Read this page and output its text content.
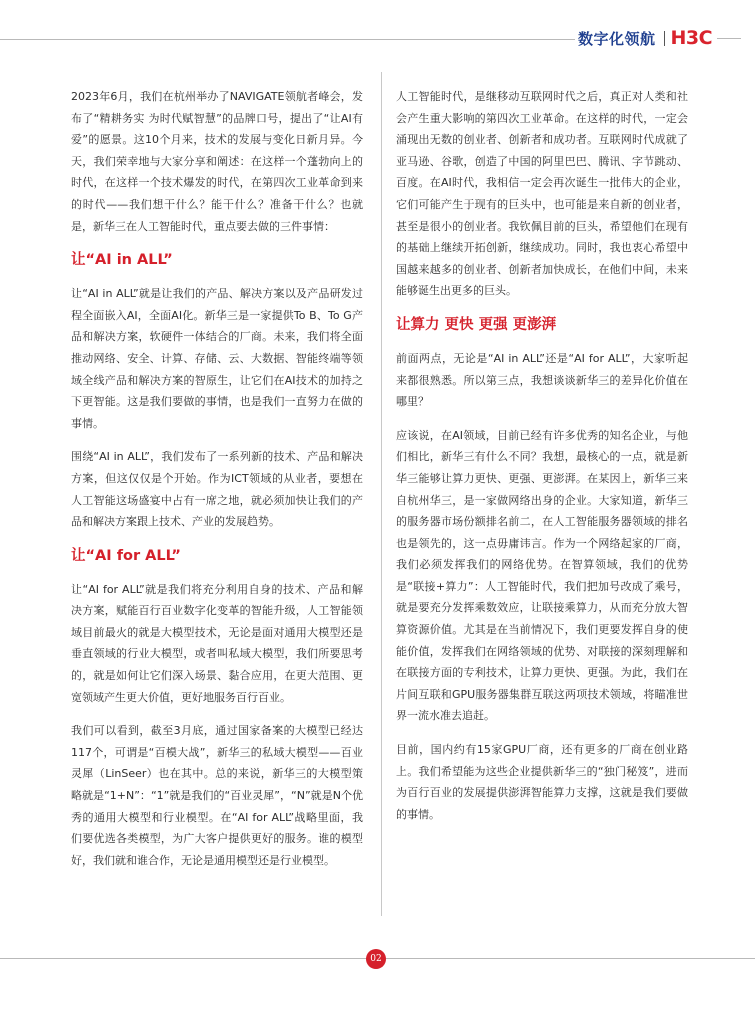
数字化领航 H3C

2023年6月，我们在杭州举办了NAVIGATE领航者峰会，发布了“精耕务实 为时代赋智慧”的品牌口号，提出了“让AI有爱”的愿景。这10个月来，技术的发展与变化日新月异。今天，我们荣幸地与大家分享和阐述：在这样一个蓬勃向上的时代，在这样一个技术爆发的时代，在第四次工业革命到来的时代——我们想干什么？能干什么？准备干什么？也就是，新华三在人工智能时代，重点要去做的三件事情：

让“AI in ALL”

让“AI in ALL”就是让我们的产品、解决方案以及产品研发过程全面嵌入AI，全面AI化。新华三是一家提供To B、To G产品和解决方案，软硬件一体结合的厂商。未来，我们将全面推动网络、安全、计算、存储、云、大数据、智能终端等领域全线产品和解决方案的智原生，让它们在AI技术的加持之下更智能。这是我们要做的事情，也是我们一直努力在做的事情。

围绕“AI in ALL”，我们发布了一系列新的技术、产品和解决方案，但这仅仅是个开始。作为ICT领域的从业者，要想在人工智能这场盛宴中占有一席之地，就必须加快让我们的产品和解决方案跟上技术、产业的发展趋势。

让“AI for ALL”

让“AI for ALL”就是我们将充分利用自身的技术、产品和解决方案，赋能百行百业数字化变革的智能升级，人工智能领域目前最火的就是大模型技术，无论是面对通用大模型还是垂直领域的行业大模型，或者叫私域大模型，我们所要思考的，就是如何让它们深入场景、黏合应用，在更大范围、更宽领域产生更大价值，更好地服务百行百业。

我们可以看到，截至3月底，通过国家备案的大模型已经达117个，可谓是“百模大战”，新华三的私域大模型——百业灵犀（LinSeer）也在其中。总的来说，新华三的大模型策略就是“1+N”：“1”就是我们的“百业灵犀”，“N”就是N个优秀的通用大模型和行业模型。在“AI for ALL”战略里面，我们要优选各类模型，为广大客户提供更好的服务。谁的模型好，我们就和谁合作，无论是通用模型还是行业模型。

人工智能时代，是继移动互联网时代之后，真正对人类和社会产生重大影响的第四次工业革命。在这样的时代，一定会涌现出无数的创业者、创新者和成功者。互联网时代成就了亚马逊、谷歌，创造了中国的阿里巴巴、腾讯、字节跳动、百度。在AI时代，我相信一定会再次诞生一批伟大的企业，它们可能产生于现有的巨头中，也可能是来自新的创业者，甚至是很小的创业者。我钦佩目前的巨头，希望他们在现有的基础上继续开拓创新，继续成功。同时，我也衷心希望中国越来越多的创业者、创新者加快成长，在他们中间，未来能够诞生出更多的巨头。

让算力 更快 更强 更澎湃

前面两点，无论是“AI in ALL”还是“AI for ALL”，大家听起来都很熟悉。所以第三点，我想谈谈新华三的差异化价值在哪里？

应该说，在AI领域，目前已经有许多优秀的知名企业，与他们相比，新华三有什么不同？我想，最核心的一点，就是新华三能够让算力更快、更强、更澎湃。在某因上，新华三来自杭州华三，是一家做网络出身的企业。大家知道，新华三的服务器市场份额排名前二，在人工智能服务器领域的排名也是领先的，这一点毋庸讳言。作为一个网络起家的厂商，我们必须发挥我们的网络优势。在智算领域，我们的优势是“联接+算力”：人工智能时代，我们把加号改成了乘号，就是要充分发挥乘数效应，让联接乘算力，从而充分放大智算资源价值。尤其是在当前情况下，我们更要发挥自身的使能价值，发挥我们在网络领域的优势、对联接的深刻理解和在联接方面的专利技术，让算力更快、更强。为此，我们在片间互联和GPU服务器集群互联这两项技术领域，将瞄准世界一流水准去追赶。

目前，国内约有15家GPU厂商，还有更多的厂商在创业路上。我们希望能为这些企业提供新华三的“独门秘笈”，进而为百行百业的发展提供澎湃智能算力支撑，这就是我们要做的事情。

02
